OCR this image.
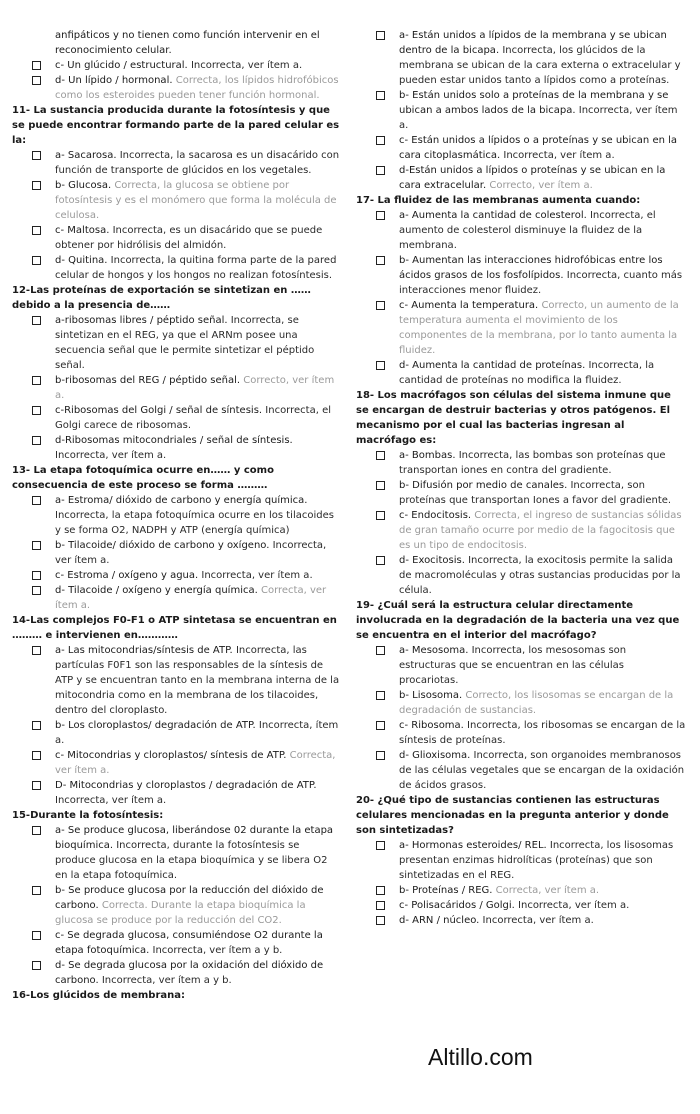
anfipáticos y no tienen como función intervenir en el reconocimiento celular.
c- Un glúcido / estructural. Incorrecta, ver ítem a.
d- Un lípido / hormonal. Correcta, los lípidos hidrofóbicos como los esteroides pueden tener función hormonal.
11- La sustancia producida durante la fotosíntesis y que se puede encontrar formando parte de la pared celular es la:
a- Sacarosa. Incorrecta, la sacarosa es un disacárido con función de transporte de glúcidos en los vegetales.
b- Glucosa. Correcta, la glucosa se obtiene por fotosíntesis y es el monómero que forma la molécula de celulosa.
c- Maltosa. Incorrecta, es un disacárido que se puede obtener por hidrólisis del almidón.
d- Quitina. Incorrecta, la quitina forma parte de la pared celular de hongos y los hongos no realizan fotosíntesis.
12-Las proteínas de exportación se sintetizan en ……debido a la presencia de……
a-ribosomas libres / péptido señal. Incorrecta, se sintetizan en el REG, ya que el ARNm posee una secuencia señal que le permite sintetizar el péptido señal.
b-ribosomas del REG / péptido señal. Correcto, ver ítem a.
c-Ribosomas del Golgi / señal de síntesis. Incorrecta, el Golgi carece de ribosomas.
d-Ribosomas mitocondriales / señal de síntesis. Incorrecta, ver ítem a.
13- La etapa fotoquímica ocurre en…… y como consecuencia de este proceso se forma ………
a- Estroma/ dióxido de carbono y energía química. Incorrecta, la etapa fotoquímica ocurre en los tilacoides y se forma O2, NADPH y ATP (energía química)
b- Tilacoide/ dióxido de carbono y oxígeno. Incorrecta, ver ítem a.
c- Estroma / oxígeno y agua. Incorrecta, ver ítem a.
d- Tilacoide / oxígeno y energía química. Correcta, ver ítem a.
14-Las complejos F0-F1 o ATP sintetasa se encuentran en ……… e intervienen en…………
a- Las mitocondrias/síntesis de ATP. Incorrecta, las partículas F0F1 son las responsables de la síntesis de ATP y se encuentran tanto en la membrana interna de la mitocondria como en la membrana de los tilacoides, dentro del cloroplasto.
b- Los cloroplastos/ degradación de ATP. Incorrecta, ítem a.
c- Mitocondrias y cloroplastos/ síntesis de ATP. Correcta, ver ítem a.
D- Mitocondrias y cloroplastos / degradación de ATP. Incorrecta, ver ítem a.
15-Durante la fotosíntesis:
a- Se produce glucosa, liberándose 02 durante la etapa bioquímica. Incorrecta, durante la fotosíntesis se produce glucosa en la etapa bioquímica y se libera O2 en la etapa fotoquímica.
b- Se produce glucosa por la reducción del dióxido de carbono. Correcta. Durante la etapa bioquímica la glucosa se produce por la reducción del CO2.
c- Se degrada glucosa, consumiéndose O2 durante la etapa fotoquímica. Incorrecta, ver ítem a y b.
d- Se degrada glucosa por la oxidación del dióxido de carbono. Incorrecta, ver ítem a y b.
16-Los glúcidos de membrana:
a- Están unidos a lípidos de la membrana y se ubican dentro de la bicapa. Incorrecta, los glúcidos de la membrana se ubican de la cara externa o extracelular y pueden estar unidos tanto a lípidos como a proteínas.
b- Están unidos solo a proteínas de la membrana y se ubican a ambos lados de la bicapa. Incorrecta, ver ítem a.
c- Están unidos a lípidos o a proteínas y se ubican en la cara citoplasmática. Incorrecta, ver ítem a.
d-Están unidos a lípidos o proteínas y se ubican en la cara extracelular. Correcto, ver ítem a.
17- La fluidez de las membranas aumenta cuando:
a- Aumenta la cantidad de colesterol. Incorrecta, el aumento de colesterol disminuye la fluidez de la membrana.
b- Aumentan las interacciones hidrofóbicas entre los ácidos grasos de los fosfolípidos. Incorrecta, cuanto más interacciones menor fluidez.
c- Aumenta la temperatura. Correcto, un aumento de la temperatura aumenta el movimiento de los componentes de la membrana, por lo tanto aumenta la fluidez.
d- Aumenta la cantidad de proteínas. Incorrecta, la cantidad de proteínas no modifica la fluidez.
18- Los macrófagos son células del sistema inmune que se encargan de destruir bacterias y otros patógenos. El mecanismo por el cual las bacterias ingresan al macrófago es:
a- Bombas. Incorrecta, las bombas son proteínas que transportan iones en contra del gradiente.
b- Difusión por medio de canales. Incorrecta, son proteínas que transportan Iones a favor del gradiente.
c- Endocitosis. Correcta, el ingreso de sustancias sólidas de gran tamaño ocurre por medio de la fagocitosis que es un tipo de endocitosis.
d- Exocitosis. Incorrecta, la exocitosis permite la salida de macromoléculas y otras sustancias producidas por la célula.
19- ¿Cuál será la estructura celular directamente involucrada en la degradación de la bacteria una vez que se encuentra en el interior del macrófago?
a- Mesosoma. Incorrecta, los mesosomas son estructuras que se encuentran en las células procariotas.
b- Lisosoma. Correcto, los lisosomas se encargan de la degradación de sustancias.
c- Ribosoma. Incorrecta, los ribosomas se encargan de la síntesis de proteínas.
d- Glioxisoma. Incorrecta, son organoides membranosos de las células vegetales que se encargan de la oxidación de ácidos grasos.
20- ¿Qué tipo de sustancias contienen las estructuras celulares mencionadas en la pregunta anterior y donde son sintetizadas?
a- Hormonas esteroides/ REL. Incorrecta, los lisosomas presentan enzimas hidrolíticas (proteínas) que son sintetizadas en el REG.
b- Proteínas / REG. Correcta, ver ítem a.
c- Polisacáridos / Golgi. Incorrecta, ver ítem a.
d- ARN / núcleo. Incorrecta, ver ítem a.
Altillo.com
